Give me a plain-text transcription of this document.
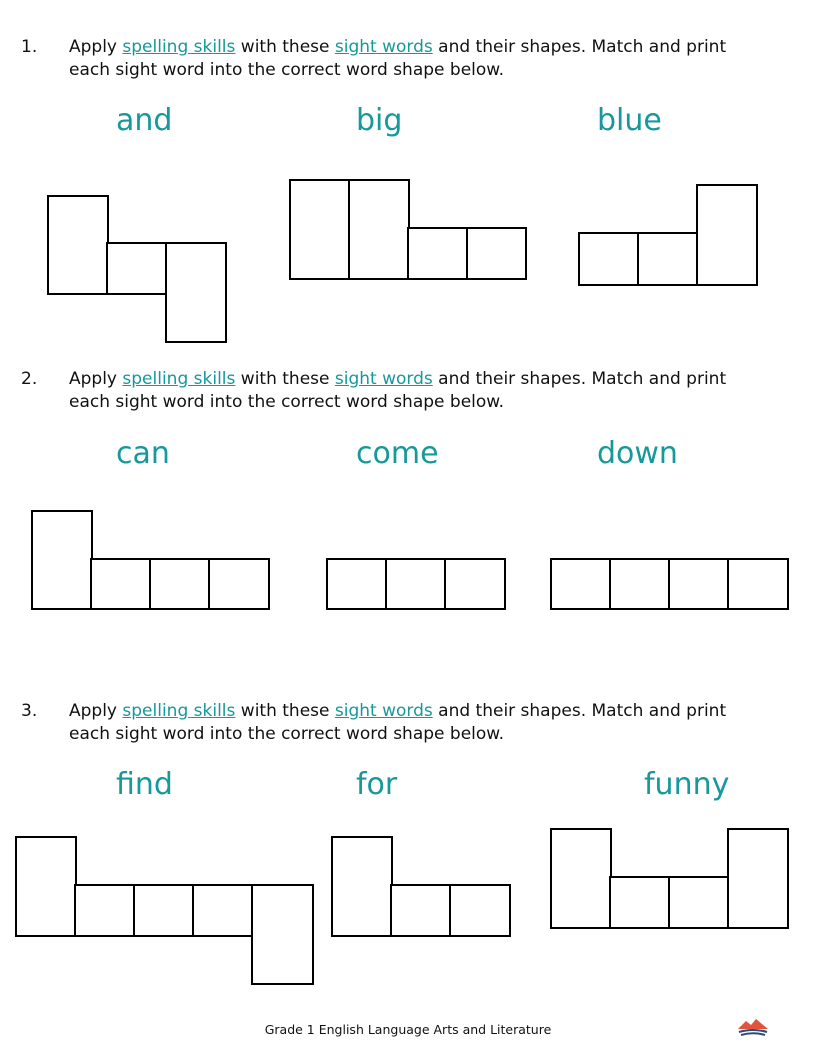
1. Apply spelling skills with these sight words and their shapes. Match and print
each sight word into the correct word shape below.
and	big	blue
2. Apply spelling skills with these sight words and their shapes. Match and print
each sight word into the correct word shape below.
can	come	down
3. Apply spelling skills with these sight words and their shapes. Match and print
each sight word into the correct word shape below.
find	for	funny
Grade 1 English Language Arts and Literature
